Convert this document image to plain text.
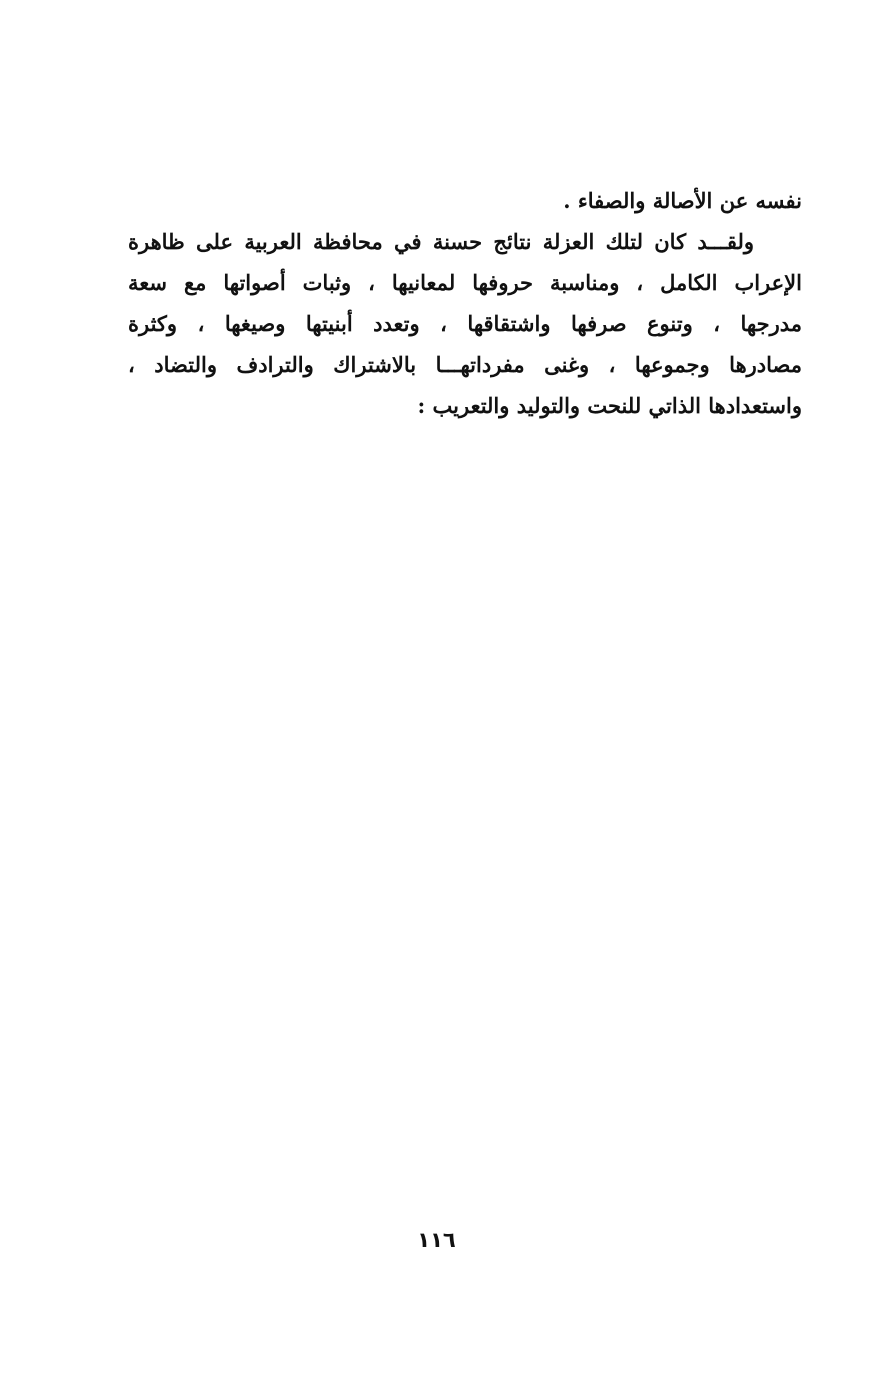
نفسه عن الأصالة والصفاء .
ولقـــد كان لتلك العزلة نتائج حسنة في محافظة العربية على ظاهرة
الإعراب الكامل ، ومناسبة حروفها لمعانيها ، وثبات أصواتها مع سعة
مدرجها ، وتنوع صرفها واشتقاقها ، وتعدد أبنيتها وصيغها ، وكثرة
مصادرها وجموعها ، وغنى مفرداتهـــا بالاشتراك والترادف والتضاد ،
واستعدادها الذاتي للنحت والتوليد والتعريب :
١١٦
